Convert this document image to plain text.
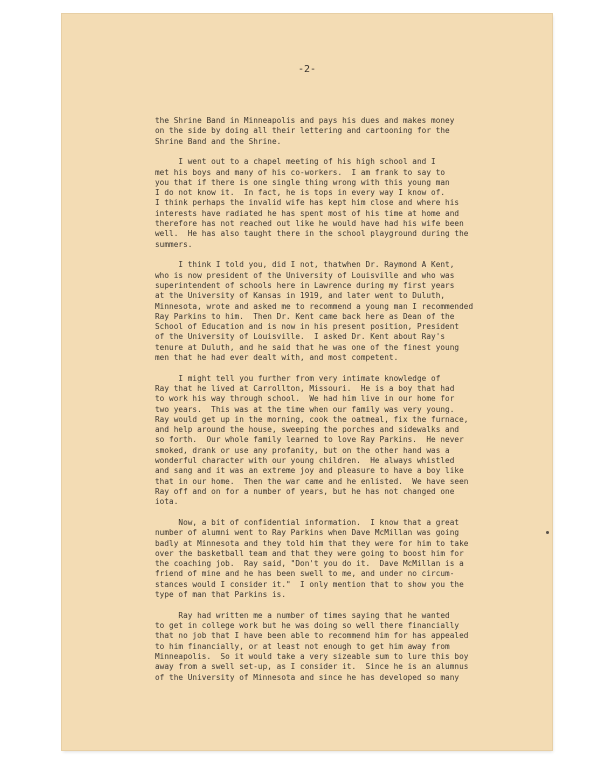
-2-
the Shrine Band in Minneapolis and pays his dues and makes money
on the side by doing all their lettering and cartooning for the
Shrine Band and the Shrine.
I went out to a chapel meeting of his high school and I
met his boys and many of his co-workers.  I am frank to say to
you that if there is one single thing wrong with this young man
I do not know it.  In fact, he is tops in every way I know of.
I think perhaps the invalid wife has kept him close and where his
interests have radiated he has spent most of his time at home and
therefore has not reached out like he would have had his wife been
well.  He has also taught there in the school playground during the
summers.
I think I told you, did I not, thatwhen Dr. Raymond A Kent,
who is now president of the University of Louisville and who was
superintendent of schools here in Lawrence during my first years
at the University of Kansas in 1919, and later went to Duluth,
Minnesota, wrote and asked me to recommend a young man I recommended
Ray Parkins to him.  Then Dr. Kent came back here as Dean of the
School of Education and is now in his present position, President
of the University of Louisville.  I asked Dr. Kent about Ray's
tenure at Duluth, and he said that he was one of the finest young
men that he had ever dealt with, and most competent.
I might tell you further from very intimate knowledge of
Ray that he lived at Carrollton, Missouri.  He is a boy that had
to work his way through school.  We had him live in our home for
two years.  This was at the time when our family was very young.
Ray would get up in the morning, cook the oatmeal, fix the furnace,
and help around the house, sweeping the porches and sidewalks and
so forth.  Our whole family learned to love Ray Parkins.  He never
smoked, drank or use any profanity, but on the other hand was a
wonderful character with our young children.  He always whistled
and sang and it was an extreme joy and pleasure to have a boy like
that in our home.  Then the war came and he enlisted.  We have seen
Ray off and on for a number of years, but he has not changed one
iota.
Now, a bit of confidential information.  I know that a great
number of alumni went to Ray Parkins when Dave McMillan was going
badly at Minnesota and they told him that they were for him to take
over the basketball team and that they were going to boost him for
the coaching job.  Ray said, "Don't you do it.  Dave McMillan is a
friend of mine and he has been swell to me, and under no circum-
stances would I consider it."  I only mention that to show you the
type of man that Parkins is.
Ray had written me a number of times saying that he wanted
to get in college work but he was doing so well there financially
that no job that I have been able to recommend him for has appealed
to him financially, or at least not enough to get him away from
Minneapolis.  So it would take a very sizeable sum to lure this boy
away from a swell set-up, as I consider it.  Since he is an alumnus
of the University of Minnesota and since he has developed so many
